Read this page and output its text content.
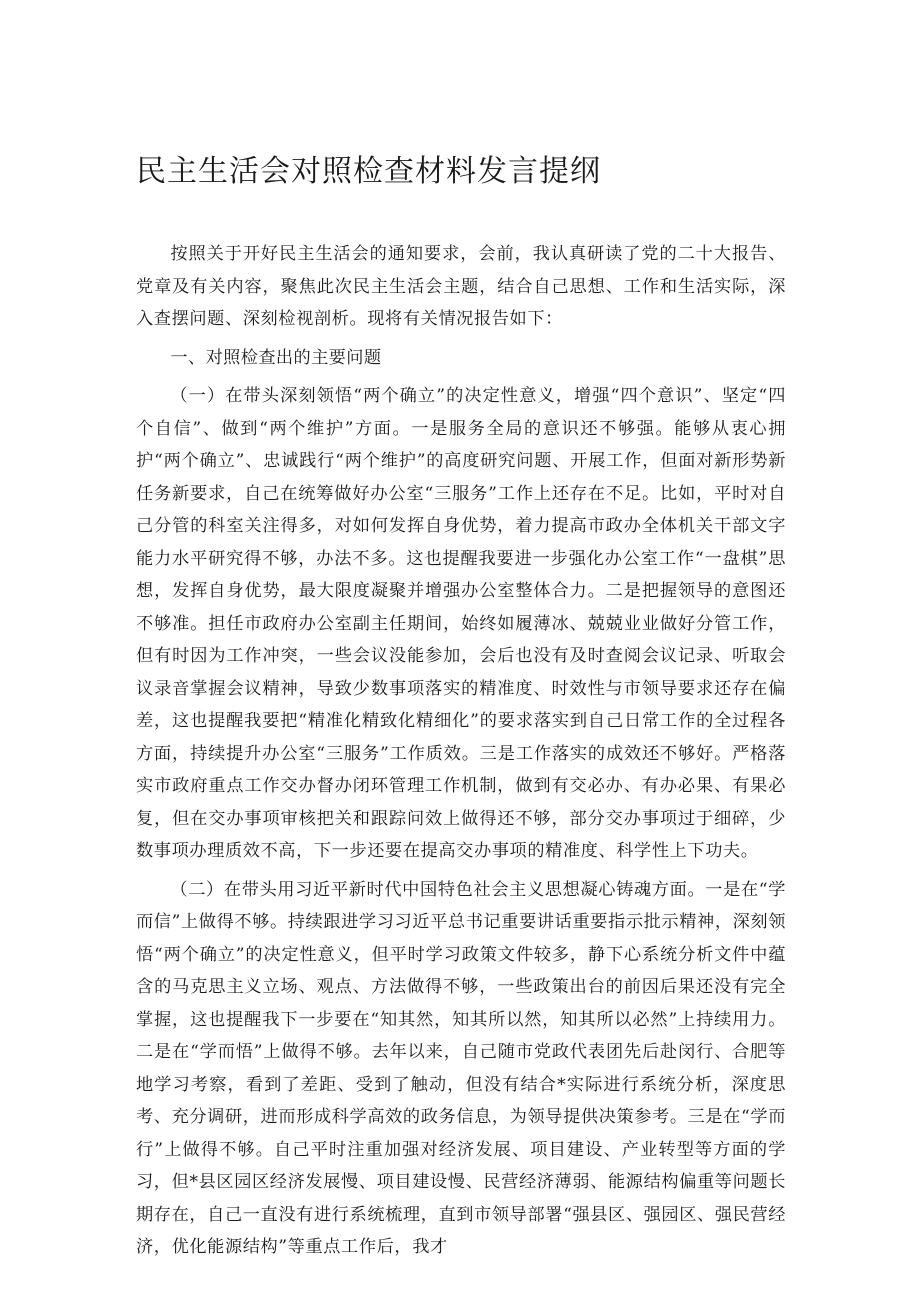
民主生活会对照检查材料发言提纲

按照关于开好民主生活会的通知要求，会前，我认真研读了党的二十大报告、党章及有关内容，聚焦此次民主生活会主题，结合自己思想、工作和生活实际，深入查摆问题、深刻检视剖析。现将有关情况报告如下：

一、对照检查出的主要问题

（一）在带头深刻领悟“两个确立”的决定性意义，增强“四个意识”、坚定“四个自信”、做到“两个维护”方面。一是服务全局的意识还不够强。能够从衷心拥护“两个确立”、忠诚践行“两个维护”的高度研究问题、开展工作，但面对新形势新任务新要求，自己在统筹做好办公室“三服务”工作上还存在不足。比如，平时对自己分管的科室关注得多，对如何发挥自身优势，着力提高市政办全体机关干部文字能力水平研究得不够，办法不多。这也提醒我要进一步强化办公室工作“一盘棋”思想，发挥自身优势，最大限度凝聚并增强办公室整体合力。二是把握领导的意图还不够准。担任市政府办公室副主任期间，始终如履薄冰、兢兢业业做好分管工作，但有时因为工作冲突，一些会议没能参加，会后也没有及时查阅会议记录、听取会议录音掌握会议精神，导致少数事项落实的精准度、时效性与市领导要求还存在偏差，这也提醒我要把“精准化精致化精细化”的要求落实到自己日常工作的全过程各方面，持续提升办公室“三服务”工作质效。三是工作落实的成效还不够好。严格落实市政府重点工作交办督办闭环管理工作机制，做到有交必办、有办必果、有果必复，但在交办事项审核把关和跟踪问效上做得还不够，部分交办事项过于细碎，少数事项办理质效不高，下一步还要在提高交办事项的精准度、科学性上下功夫。

（二）在带头用习近平新时代中国特色社会主义思想凝心铸魂方面。一是在“学而信”上做得不够。持续跟进学习习近平总书记重要讲话重要指示批示精神，深刻领悟“两个确立”的决定性意义，但平时学习政策文件较多，静下心系统分析文件中蕴含的马克思主义立场、观点、方法做得不够，一些政策出台的前因后果还没有完全掌握，这也提醒我下一步要在“知其然，知其所以然，知其所以必然”上持续用力。二是在“学而悟”上做得不够。去年以来，自己随市党政代表团先后赴闵行、合肥等地学习考察，看到了差距、受到了触动，但没有结合*实际进行系统分析，深度思考、充分调研，进而形成科学高效的政务信息，为领导提供决策参考。三是在“学而行”上做得不够。自己平时注重加强对经济发展、项目建设、产业转型等方面的学习，但*县区园区经济发展慢、项目建设慢、民营经济薄弱、能源结构偏重等问题长期存在，自己一直没有进行系统梳理，直到市领导部署“强县区、强园区、强民营经济，优化能源结构”等重点工作后，我才
